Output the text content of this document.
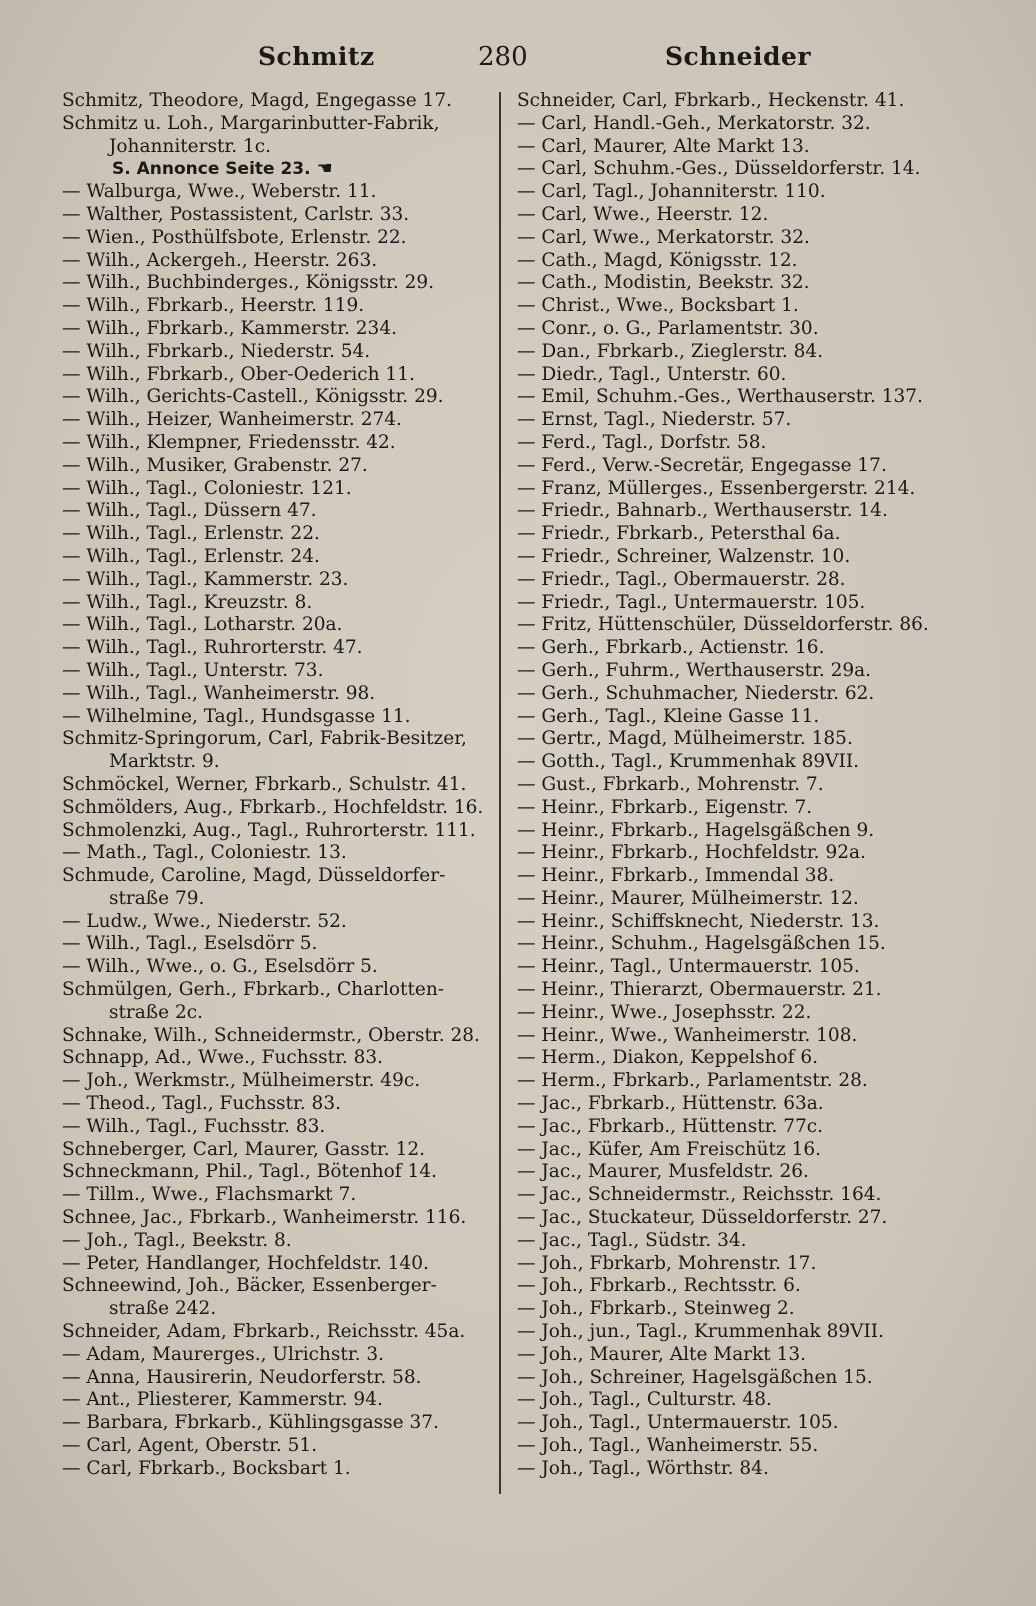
Schmitz	280	Schneider
Schmitz, Theodore, Magd, Engegasse 17.
Schmitz u. Loh., Margarinbutter-Fabrik,
Johanniterstr. 1c.
S. Annonce Seite 23. ☚
— Walburga, Wwe., Weberstr. 11.
— Walther, Postassistent, Carlstr. 33.
— Wien., Posthülfsbote, Erlenstr. 22.
— Wilh., Ackergeh., Heerstr. 263.
— Wilh., Buchbinderges., Königsstr. 29.
— Wilh., Fbrkarb., Heerstr. 119.
— Wilh., Fbrkarb., Kammerstr. 234.
— Wilh., Fbrkarb., Niederstr. 54.
— Wilh., Fbrkarb., Ober-Oederich 11.
— Wilh., Gerichts-Castell., Königsstr. 29.
— Wilh., Heizer, Wanheimerstr. 274.
— Wilh., Klempner, Friedensstr. 42.
— Wilh., Musiker, Grabenstr. 27.
— Wilh., Tagl., Coloniestr. 121.
— Wilh., Tagl., Düssern 47.
— Wilh., Tagl., Erlenstr. 22.
— Wilh., Tagl., Erlenstr. 24.
— Wilh., Tagl., Kammerstr. 23.
— Wilh., Tagl., Kreuzstr. 8.
— Wilh., Tagl., Lotharstr. 20a.
— Wilh., Tagl., Ruhrorterstr. 47.
— Wilh., Tagl., Unterstr. 73.
— Wilh., Tagl., Wanheimerstr. 98.
— Wilhelmine, Tagl., Hundsgasse 11.
Schmitz-Springorum, Carl, Fabrik-Besitzer,
Marktstr. 9.
Schmöckel, Werner, Fbrkarb., Schulstr. 41.
Schmölders, Aug., Fbrkarb., Hochfeldstr. 16.
Schmolenzki, Aug., Tagl., Ruhrorterstr. 111.
— Math., Tagl., Coloniestr. 13.
Schmude, Caroline, Magd, Düsseldorfer-
straße 79.
— Ludw., Wwe., Niederstr. 52.
— Wilh., Tagl., Eselsdörr 5.
— Wilh., Wwe., o. G., Eselsdörr 5.
Schmülgen, Gerh., Fbrkarb., Charlotten-
straße 2c.
Schnake, Wilh., Schneidermstr., Oberstr. 28.
Schnapp, Ad., Wwe., Fuchsstr. 83.
— Joh., Werkmstr., Mülheimerstr. 49c.
— Theod., Tagl., Fuchsstr. 83.
— Wilh., Tagl., Fuchsstr. 83.
Schneberger, Carl, Maurer, Gasstr. 12.
Schneckmann, Phil., Tagl., Bötenhof 14.
— Tillm., Wwe., Flachsmarkt 7.
Schnee, Jac., Fbrkarb., Wanheimerstr. 116.
— Joh., Tagl., Beekstr. 8.
— Peter, Handlanger, Hochfeldstr. 140.
Schneewind, Joh., Bäcker, Essenberger-
straße 242.
Schneider, Adam, Fbrkarb., Reichsstr. 45a.
— Adam, Maurerges., Ulrichstr. 3.
— Anna, Hausirerin, Neudorferstr. 58.
— Ant., Pliesterer, Kammerstr. 94.
— Barbara, Fbrkarb., Kühlingsgasse 37.
— Carl, Agent, Oberstr. 51.
— Carl, Fbrkarb., Bocksbart 1.
Schneider, Carl, Fbrkarb., Heckenstr. 41.
— Carl, Handl.-Geh., Merkatorstr. 32.
— Carl, Maurer, Alte Markt 13.
— Carl, Schuhm.-Ges., Düsseldorferstr. 14.
— Carl, Tagl., Johanniterstr. 110.
— Carl, Wwe., Heerstr. 12.
— Carl, Wwe., Merkatorstr. 32.
— Cath., Magd, Königsstr. 12.
— Cath., Modistin, Beekstr. 32.
— Christ., Wwe., Bocksbart 1.
— Conr., o. G., Parlamentstr. 30.
— Dan., Fbrkarb., Zieglerstr. 84.
— Diedr., Tagl., Unterstr. 60.
— Emil, Schuhm.-Ges., Werthauserstr. 137.
— Ernst, Tagl., Niederstr. 57.
— Ferd., Tagl., Dorfstr. 58.
— Ferd., Verw.-Secretär, Engegasse 17.
— Franz, Müllerges., Essenbergerstr. 214.
— Friedr., Bahnarb., Werthauserstr. 14.
— Friedr., Fbrkarb., Petersthal 6a.
— Friedr., Schreiner, Walzenstr. 10.
— Friedr., Tagl., Obermauerstr. 28.
— Friedr., Tagl., Untermauerstr. 105.
— Fritz, Hüttenschüler, Düsseldorferstr. 86.
— Gerh., Fbrkarb., Actienstr. 16.
— Gerh., Fuhrm., Werthauserstr. 29a.
— Gerh., Schuhmacher, Niederstr. 62.
— Gerh., Tagl., Kleine Gasse 11.
— Gertr., Magd, Mülheimerstr. 185.
— Gotth., Tagl., Krummenhak 89VII.
— Gust., Fbrkarb., Mohrenstr. 7.
— Heinr., Fbrkarb., Eigenstr. 7.
— Heinr., Fbrkarb., Hagelsgäßchen 9.
— Heinr., Fbrkarb., Hochfeldstr. 92a.
— Heinr., Fbrkarb., Immendal 38.
— Heinr., Maurer, Mülheimerstr. 12.
— Heinr., Schiffsknecht, Niederstr. 13.
— Heinr., Schuhm., Hagelsgäßchen 15.
— Heinr., Tagl., Untermauerstr. 105.
— Heinr., Thierarzt, Obermauerstr. 21.
— Heinr., Wwe., Josephsstr. 22.
— Heinr., Wwe., Wanheimerstr. 108.
— Herm., Diakon, Keppelshof 6.
— Herm., Fbrkarb., Parlamentstr. 28.
— Jac., Fbrkarb., Hüttenstr. 63a.
— Jac., Fbrkarb., Hüttenstr. 77c.
— Jac., Küfer, Am Freischütz 16.
— Jac., Maurer, Musfeldstr. 26.
— Jac., Schneidermstr., Reichsstr. 164.
— Jac., Stuckateur, Düsseldorferstr. 27.
— Jac., Tagl., Südstr. 34.
— Joh., Fbrkarb, Mohrenstr. 17.
— Joh., Fbrkarb., Rechtsstr. 6.
— Joh., Fbrkarb., Steinweg 2.
— Joh., jun., Tagl., Krummenhak 89VII.
— Joh., Maurer, Alte Markt 13.
— Joh., Schreiner, Hagelsgäßchen 15.
— Joh., Tagl., Culturstr. 48.
— Joh., Tagl., Untermauerstr. 105.
— Joh., Tagl., Wanheimerstr. 55.
— Joh., Tagl., Wörthstr. 84.
